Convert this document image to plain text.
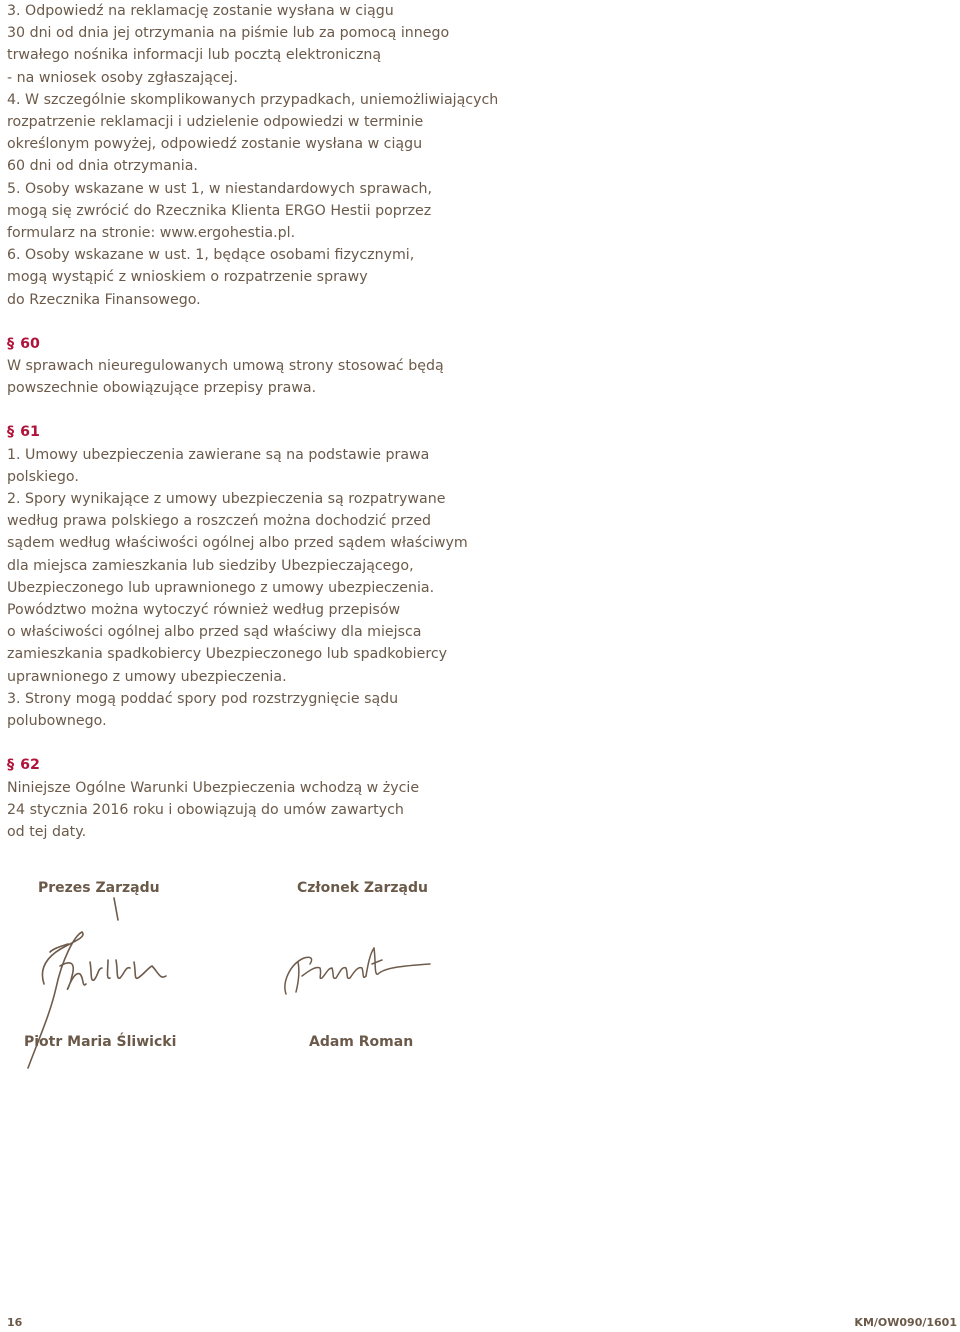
3. Odpowiedź na reklamację zostanie wysłana w ciągu
30 dni od dnia jej otrzymania na piśmie lub za pomocą innego
trwałego nośnika informacji lub pocztą elektroniczną
- na wniosek osoby zgłaszającej.
4. W szczególnie skomplikowanych przypadkach, uniemożliwiających
rozpatrzenie reklamacji i udzielenie odpowiedzi w terminie
określonym powyżej, odpowiedź zostanie wysłana w ciągu
60 dni od dnia otrzymania.
5. Osoby wskazane w ust 1, w niestandardowych sprawach,
mogą się zwrócić do Rzecznika Klienta ERGO Hestii poprzez
formularz na stronie: www.ergohestia.pl.
6. Osoby wskazane w ust. 1, będące osobami fizycznymi,
mogą wystąpić z wnioskiem o rozpatrzenie sprawy
do Rzecznika Finansowego.
§ 60
W sprawach nieuregulowanych umową strony stosować będą
powszechnie obowiązujące przepisy prawa.
§ 61
1. Umowy ubezpieczenia zawierane są na podstawie prawa
polskiego.
2. Spory wynikające z umowy ubezpieczenia są rozpatrywane
według prawa polskiego a roszczeń można dochodzić przed
sądem według właściwości ogólnej albo przed sądem właściwym
dla miejsca zamieszkania lub siedziby Ubezpieczającego,
Ubezpieczonego lub uprawnionego z umowy ubezpieczenia.
Powództwo można wytoczyć również według przepisów
o właściwości ogólnej albo przed sąd właściwy dla miejsca
zamieszkania spadkobiercy Ubezpieczonego lub spadkobiercy
uprawnionego z umowy ubezpieczenia.
3. Strony mogą poddać spory pod rozstrzygnięcie sądu
polubownego.
§ 62
Niniejsze Ogólne Warunki Ubezpieczenia wchodzą w życie
24 stycznia 2016 roku i obowiązują do umów zawartych
od tej daty.
Prezes Zarządu	Członek Zarządu
Piotr Maria Śliwicki	Adam Roman
16	KM/OW090/1601
